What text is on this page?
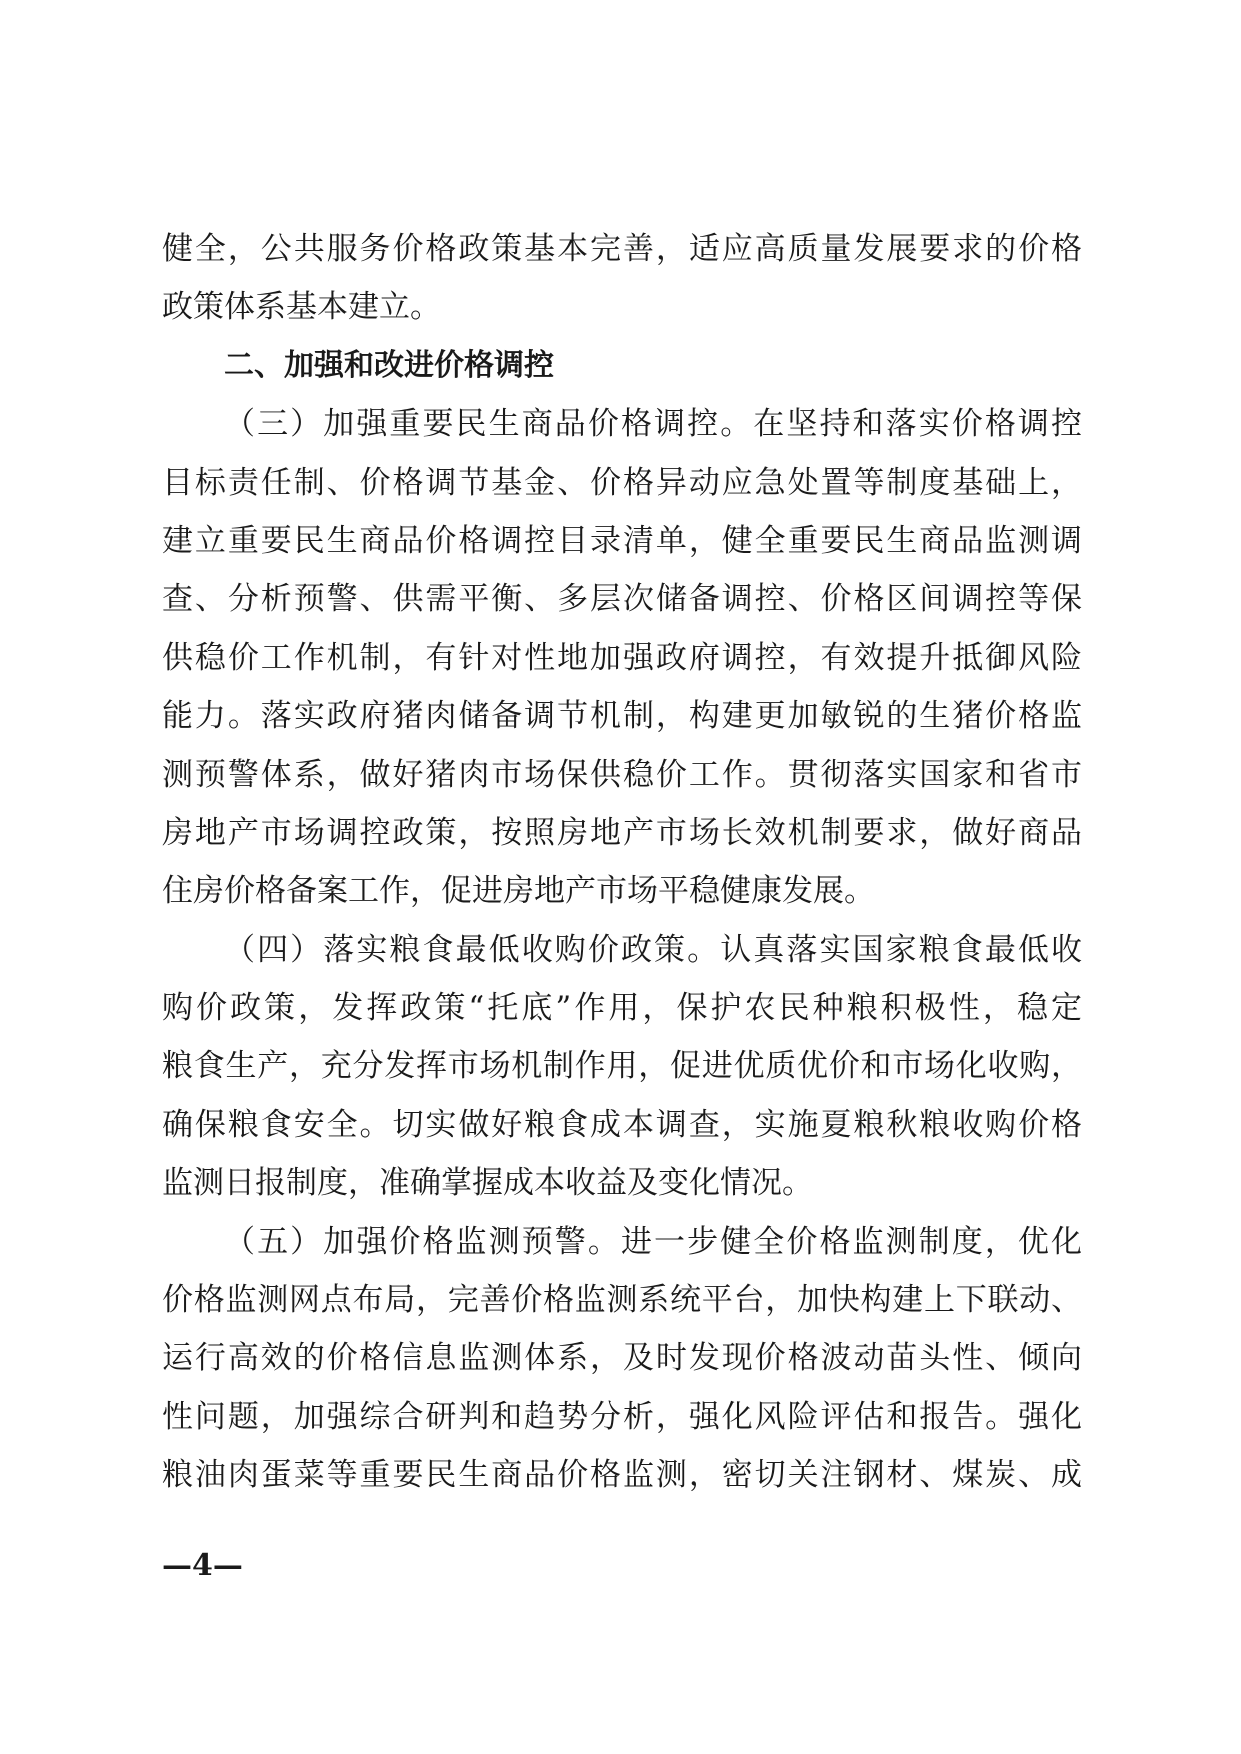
健全，公共服务价格政策基本完善，适应高质量发展要求的价格
政策体系基本建立。
二、加强和改进价格调控
（三）加强重要民生商品价格调控。在坚持和落实价格调控
目标责任制、价格调节基金、价格异动应急处置等制度基础上，
建立重要民生商品价格调控目录清单，健全重要民生商品监测调
查、分析预警、供需平衡、多层次储备调控、价格区间调控等保
供稳价工作机制，有针对性地加强政府调控，有效提升抵御风险
能力。落实政府猪肉储备调节机制，构建更加敏锐的生猪价格监
测预警体系，做好猪肉市场保供稳价工作。贯彻落实国家和省市
房地产市场调控政策，按照房地产市场长效机制要求，做好商品
住房价格备案工作，促进房地产市场平稳健康发展。
（四）落实粮食最低收购价政策。认真落实国家粮食最低收
购价政策，发挥政策“托底”作用，保护农民种粮积极性，稳定
粮食生产，充分发挥市场机制作用，促进优质优价和市场化收购，
确保粮食安全。切实做好粮食成本调查，实施夏粮秋粮收购价格
监测日报制度，准确掌握成本收益及变化情况。
（五）加强价格监测预警。进一步健全价格监测制度，优化
价格监测网点布局，完善价格监测系统平台，加快构建上下联动、
运行高效的价格信息监测体系，及时发现价格波动苗头性、倾向
性问题，加强综合研判和趋势分析，强化风险评估和报告。强化
粮油肉蛋菜等重要民生商品价格监测，密切关注钢材、煤炭、成
—4—
